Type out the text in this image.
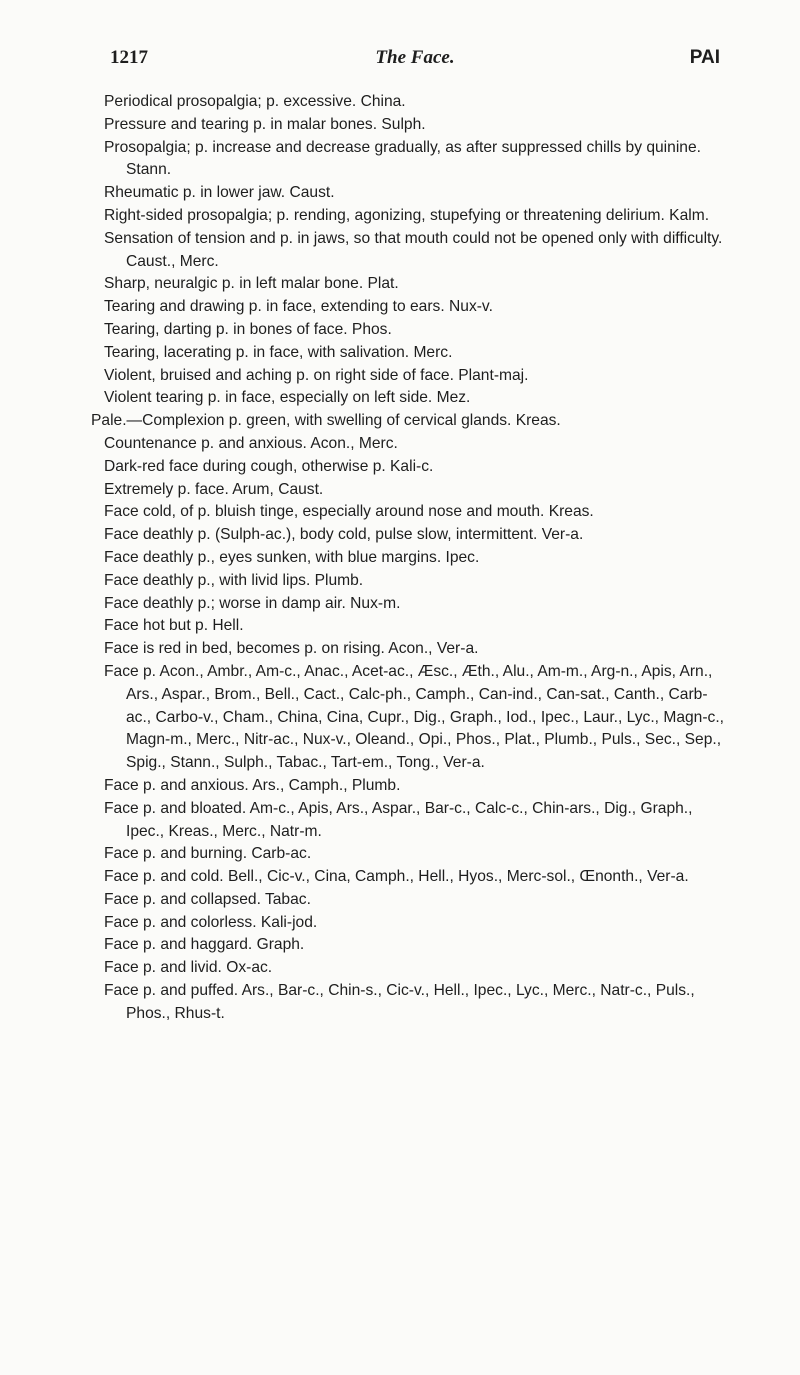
1217	The Face.	PAI

Periodical prosopalgia; p. excessive. China.

Pressure and tearing p. in malar bones. Sulph.

Prosopalgia; p. increase and decrease gradually, as after suppressed chills by quinine. Stann.

Rheumatic p. in lower jaw. Caust.

Right-sided prosopalgia; p. rending, agonizing, stupefying or threatening delirium. Kalm.

Sensation of tension and p. in jaws, so that mouth could not be opened only with difficulty. Caust., Merc.

Sharp, neuralgic p. in left malar bone. Plat.

Tearing and drawing p. in face, extending to ears. Nux-v.

Tearing, darting p. in bones of face. Phos.

Tearing, lacerating p. in face, with salivation. Merc.

Violent, bruised and aching p. on right side of face. Plant-maj.

Violent tearing p. in face, especially on left side. Mez.

Pale.—Complexion p. green, with swelling of cervical glands. Kreas.

Countenance p. and anxious. Acon., Merc.

Dark-red face during cough, otherwise p. Kali-c.

Extremely p. face. Arum, Caust.

Face cold, of p. bluish tinge, especially around nose and mouth. Kreas.

Face deathly p. (Sulph-ac.), body cold, pulse slow, intermittent. Ver-a.

Face deathly p., eyes sunken, with blue margins. Ipec.

Face deathly p., with livid lips. Plumb.

Face deathly p.; worse in damp air. Nux-m.

Face hot but p. Hell.

Face is red in bed, becomes p. on rising. Acon., Ver-a.

Face p. Acon., Ambr., Am-c., Anac., Acet-ac., Æsc., Æth., Alu., Am-m., Arg-n., Apis, Arn., Ars., Aspar., Brom., Bell., Cact., Calc-ph., Camph., Can-ind., Can-sat., Canth., Carb-ac., Carbo-v., Cham., China, Cina, Cupr., Dig., Graph., Iod., Ipec., Laur., Lyc., Magn-c., Magn-m., Merc., Nitr-ac., Nux-v., Oleand., Opi., Phos., Plat., Plumb., Puls., Sec., Sep., Spig., Stann., Sulph., Tabac., Tart-em., Tong., Ver-a.

Face p. and anxious. Ars., Camph., Plumb.

Face p. and bloated. Am-c., Apis, Ars., Aspar., Bar-c., Calc-c., Chin-ars., Dig., Graph., Ipec., Kreas., Merc., Natr-m.

Face p. and burning. Carb-ac.

Face p. and cold. Bell., Cic-v., Cina, Camph., Hell., Hyos., Merc-sol., Œnonth., Ver-a.

Face p. and collapsed. Tabac.

Face p. and colorless. Kali-jod.

Face p. and haggard. Graph.

Face p. and livid. Ox-ac.

Face p. and puffed. Ars., Bar-c., Chin-s., Cic-v., Hell., Ipec., Lyc., Merc., Natr-c., Puls., Phos., Rhus-t.
